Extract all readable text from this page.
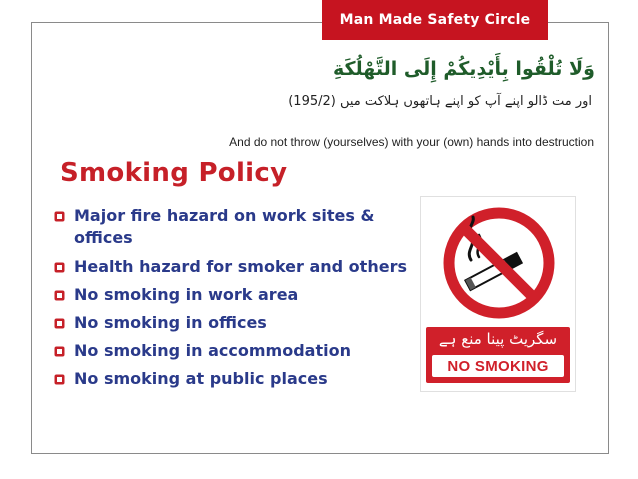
Man Made Safety Circle
وَلَا تُلْقُوا بِأَيْدِيكُمْ إِلَى التَّهْلُكَةِ
اور مت ڈالو اپنے آپ کو اپنے ہاتھوں ہلاکت میں (195/2)
And do not throw (yourselves) with your (own) hands into destruction
Smoking Policy
Major fire hazard on work sites & offices
Health hazard for smoker and others
No smoking in work area
No smoking in offices
No smoking in accommodation
No smoking at public places
سگریٹ پینا منع ہے
NO SMOKING
